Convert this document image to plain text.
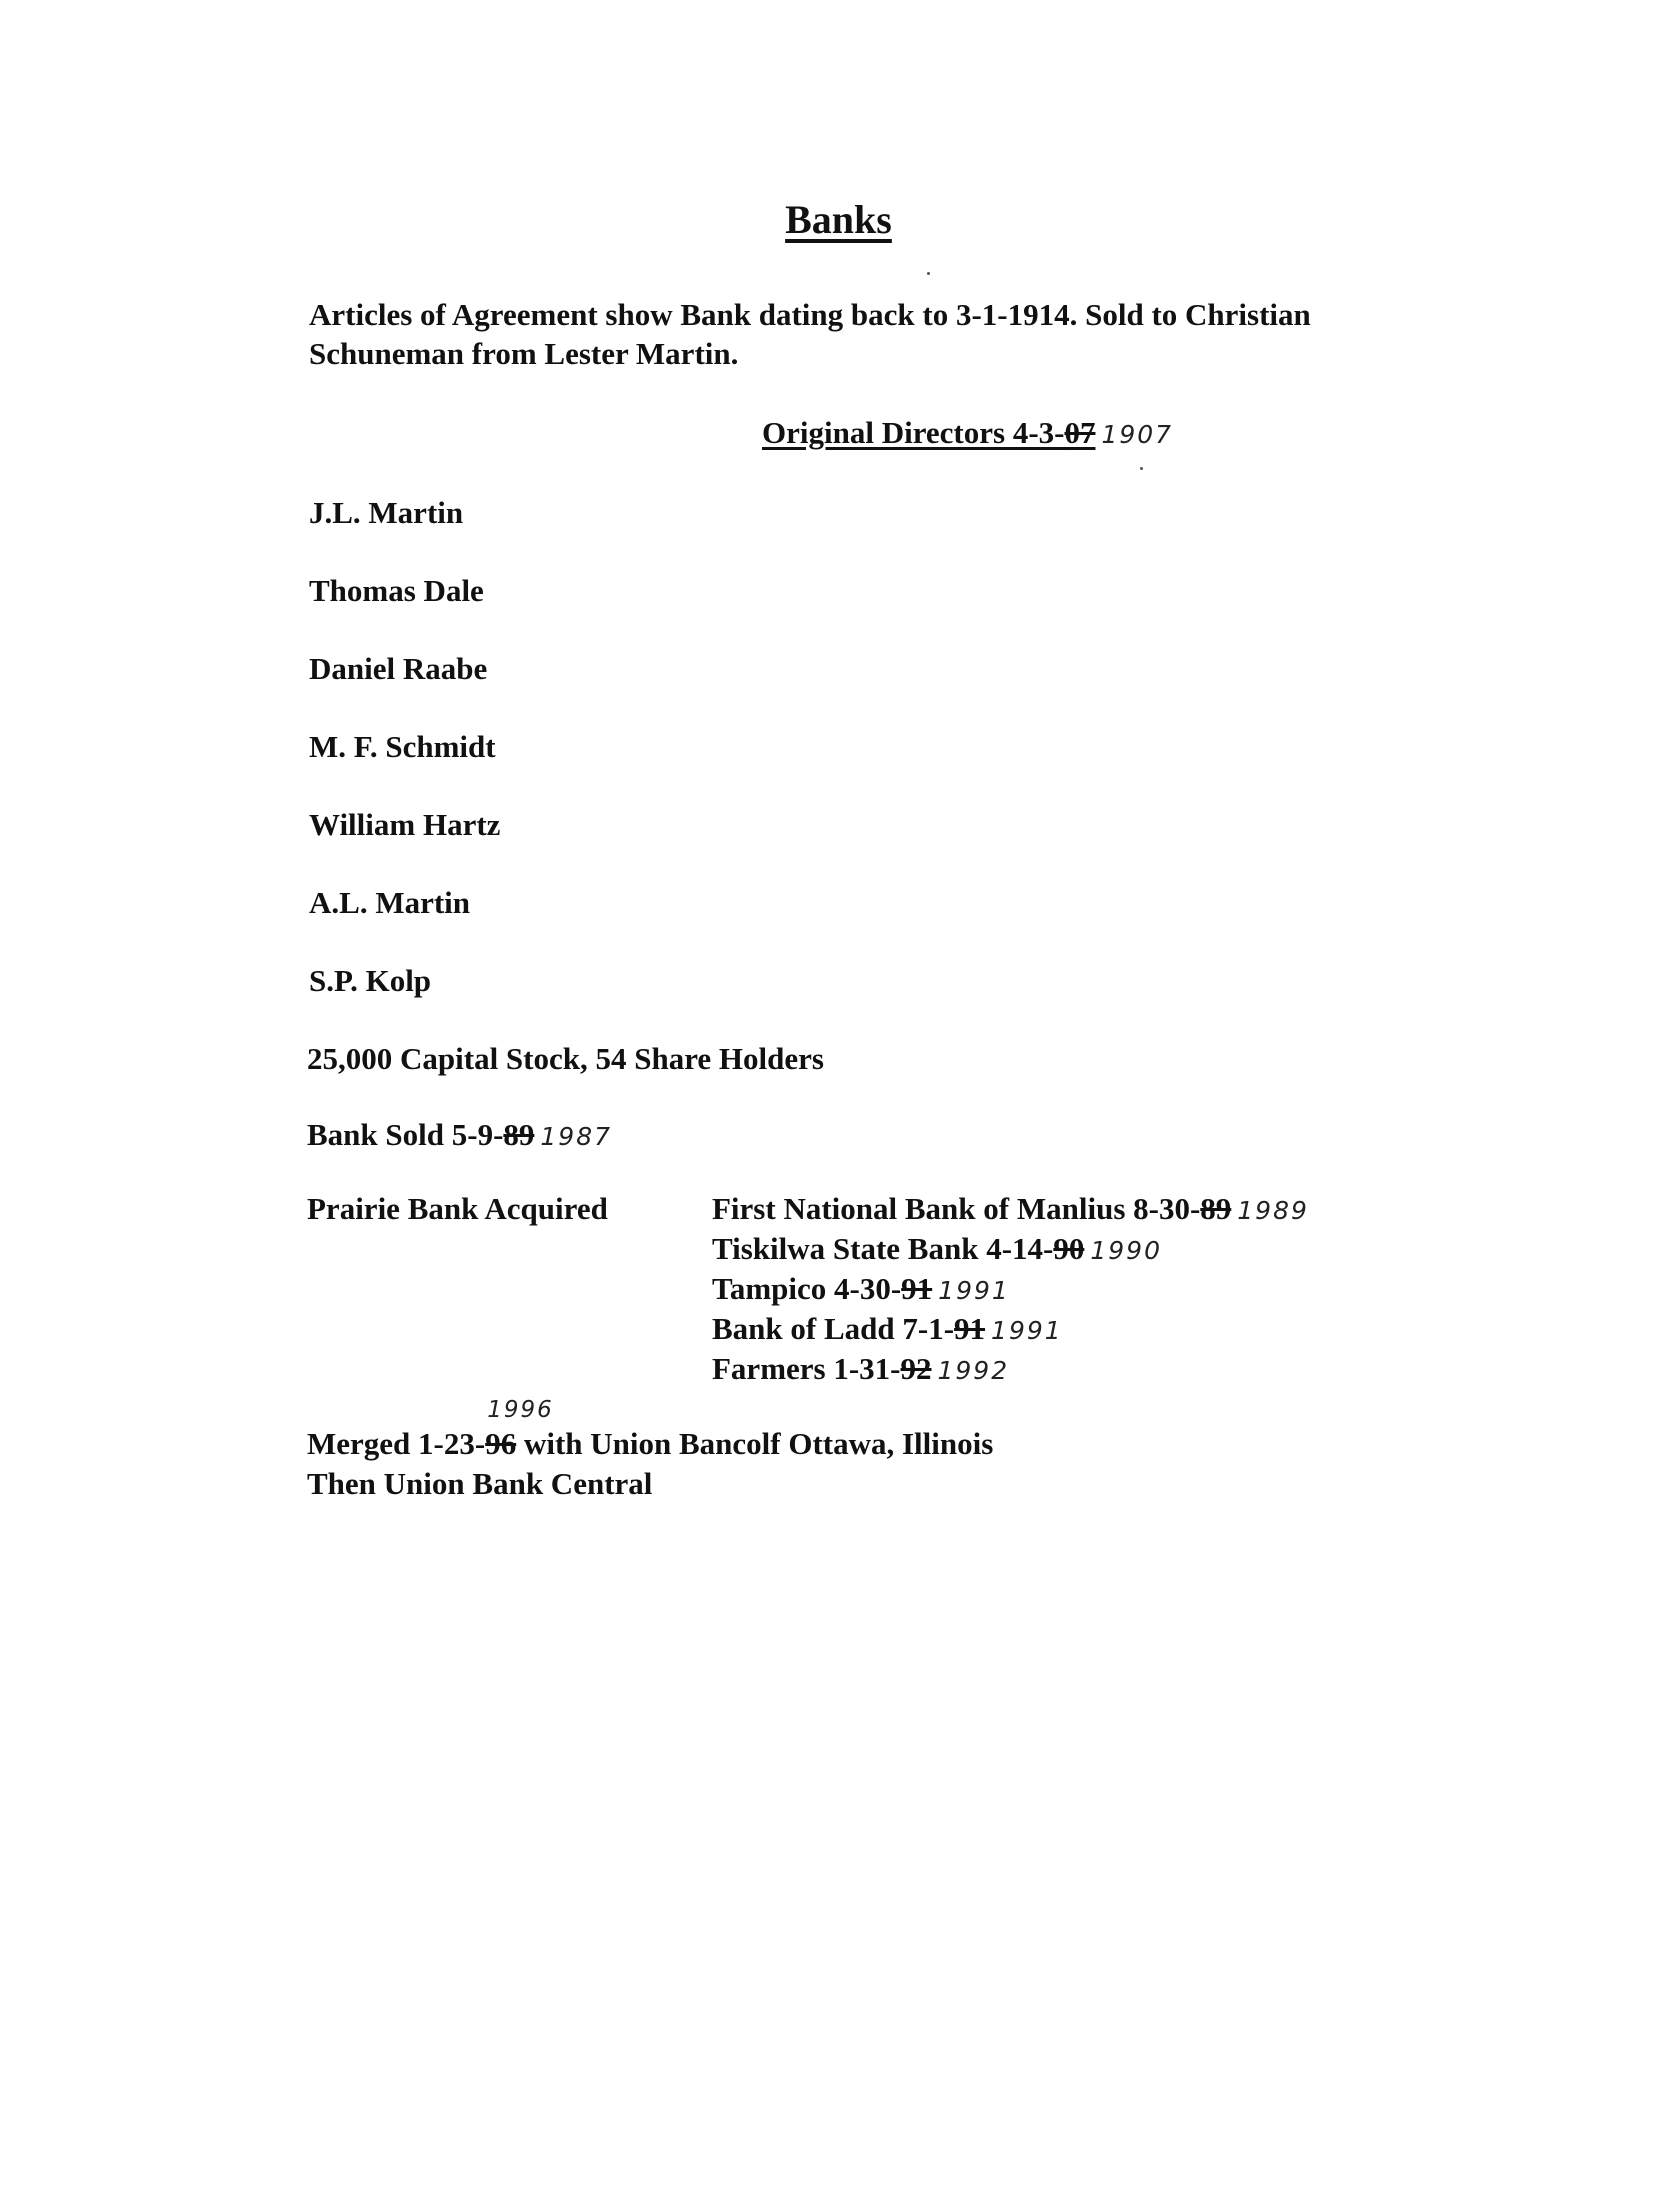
Banks
Articles of Agreement show Bank dating back to 3-1-1914. Sold to Christian
Schuneman from Lester Martin.
Original Directors 4-3-07 1907
J.L. Martin
Thomas Dale
Daniel Raabe
M. F. Schmidt
William Hartz
A.L. Martin
S.P. Kolp
25,000 Capital Stock, 54 Share Holders
Bank Sold 5-9-89 1987
Prairie Bank Acquired	First National Bank of Manlius 8-30-89 1989
Tiskilwa State Bank 4-14-90 1990
Tampico 4-30-91 1991
Bank of Ladd 7-1-91 1991
Farmers 1-31-92 1992
Merged 1-23-
1996
96 with Union Bancolf Ottawa, Illinois
Then Union Bank Central
